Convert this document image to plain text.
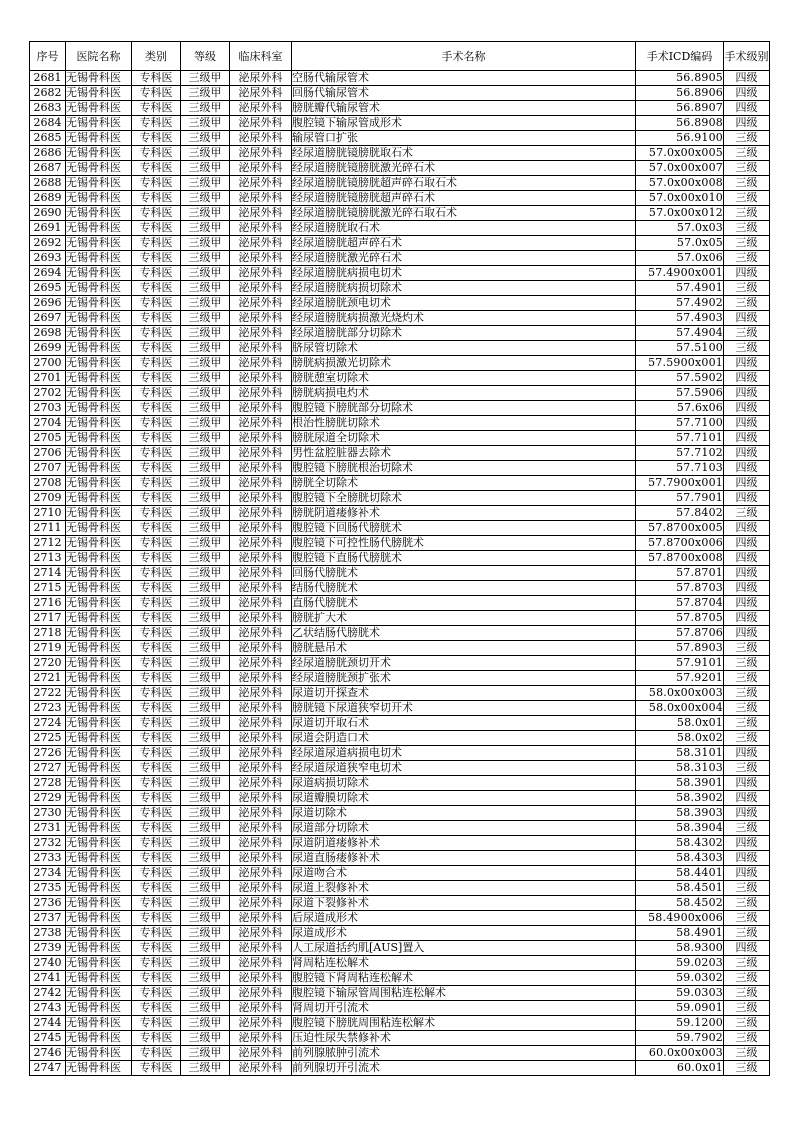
序号	医院名称	类别	等级	临床科室	手术名称	手术ICD编码	手术级别
2681	无锡骨科医	专科医	三级甲	泌尿外科	空肠代输尿管术	56.8905	四级
2682	无锡骨科医	专科医	三级甲	泌尿外科	回肠代输尿管术	56.8906	四级
2683	无锡骨科医	专科医	三级甲	泌尿外科	膀胱瓣代输尿管术	56.8907	四级
2684	无锡骨科医	专科医	三级甲	泌尿外科	腹腔镜下输尿管成形术	56.8908	四级
2685	无锡骨科医	专科医	三级甲	泌尿外科	输尿管口扩张	56.9100	三级
2686	无锡骨科医	专科医	三级甲	泌尿外科	经尿道膀胱镜膀胱取石术	57.0x00x005	三级
2687	无锡骨科医	专科医	三级甲	泌尿外科	经尿道膀胱镜膀胱激光碎石术	57.0x00x007	三级
2688	无锡骨科医	专科医	三级甲	泌尿外科	经尿道膀胱镜膀胱超声碎石取石术	57.0x00x008	三级
2689	无锡骨科医	专科医	三级甲	泌尿外科	经尿道膀胱镜膀胱超声碎石术	57.0x00x010	三级
2690	无锡骨科医	专科医	三级甲	泌尿外科	经尿道膀胱镜膀胱激光碎石取石术	57.0x00x012	三级
2691	无锡骨科医	专科医	三级甲	泌尿外科	经尿道膀胱取石术	57.0x03	三级
2692	无锡骨科医	专科医	三级甲	泌尿外科	经尿道膀胱超声碎石术	57.0x05	三级
2693	无锡骨科医	专科医	三级甲	泌尿外科	经尿道膀胱激光碎石术	57.0x06	三级
2694	无锡骨科医	专科医	三级甲	泌尿外科	经尿道膀胱病损电切术	57.4900x001	四级
2695	无锡骨科医	专科医	三级甲	泌尿外科	经尿道膀胱病损切除术	57.4901	三级
2696	无锡骨科医	专科医	三级甲	泌尿外科	经尿道膀胱颈电切术	57.4902	三级
2697	无锡骨科医	专科医	三级甲	泌尿外科	经尿道膀胱病损激光烧灼术	57.4903	四级
2698	无锡骨科医	专科医	三级甲	泌尿外科	经尿道膀胱部分切除术	57.4904	三级
2699	无锡骨科医	专科医	三级甲	泌尿外科	脐尿管切除术	57.5100	三级
2700	无锡骨科医	专科医	三级甲	泌尿外科	膀胱病损激光切除术	57.5900x001	四级
2701	无锡骨科医	专科医	三级甲	泌尿外科	膀胱憩室切除术	57.5902	四级
2702	无锡骨科医	专科医	三级甲	泌尿外科	膀胱病损电灼术	57.5906	四级
2703	无锡骨科医	专科医	三级甲	泌尿外科	腹腔镜下膀胱部分切除术	57.6x06	四级
2704	无锡骨科医	专科医	三级甲	泌尿外科	根治性膀胱切除术	57.7100	四级
2705	无锡骨科医	专科医	三级甲	泌尿外科	膀胱尿道全切除术	57.7101	四级
2706	无锡骨科医	专科医	三级甲	泌尿外科	男性盆腔脏器去除术	57.7102	四级
2707	无锡骨科医	专科医	三级甲	泌尿外科	腹腔镜下膀胱根治切除术	57.7103	四级
2708	无锡骨科医	专科医	三级甲	泌尿外科	膀胱全切除术	57.7900x001	四级
2709	无锡骨科医	专科医	三级甲	泌尿外科	腹腔镜下全膀胱切除术	57.7901	四级
2710	无锡骨科医	专科医	三级甲	泌尿外科	膀胱阴道瘘修补术	57.8402	三级
2711	无锡骨科医	专科医	三级甲	泌尿外科	腹腔镜下回肠代膀胱术	57.8700x005	四级
2712	无锡骨科医	专科医	三级甲	泌尿外科	腹腔镜下可控性肠代膀胱术	57.8700x006	四级
2713	无锡骨科医	专科医	三级甲	泌尿外科	腹腔镜下直肠代膀胱术	57.8700x008	四级
2714	无锡骨科医	专科医	三级甲	泌尿外科	回肠代膀胱术	57.8701	四级
2715	无锡骨科医	专科医	三级甲	泌尿外科	结肠代膀胱术	57.8703	四级
2716	无锡骨科医	专科医	三级甲	泌尿外科	直肠代膀胱术	57.8704	四级
2717	无锡骨科医	专科医	三级甲	泌尿外科	膀胱扩大术	57.8705	四级
2718	无锡骨科医	专科医	三级甲	泌尿外科	乙状结肠代膀胱术	57.8706	四级
2719	无锡骨科医	专科医	三级甲	泌尿外科	膀胱悬吊术	57.8903	三级
2720	无锡骨科医	专科医	三级甲	泌尿外科	经尿道膀胱颈切开术	57.9101	三级
2721	无锡骨科医	专科医	三级甲	泌尿外科	经尿道膀胱颈扩张术	57.9201	三级
2722	无锡骨科医	专科医	三级甲	泌尿外科	尿道切开探查术	58.0x00x003	三级
2723	无锡骨科医	专科医	三级甲	泌尿外科	膀胱镜下尿道狭窄切开术	58.0x00x004	三级
2724	无锡骨科医	专科医	三级甲	泌尿外科	尿道切开取石术	58.0x01	三级
2725	无锡骨科医	专科医	三级甲	泌尿外科	尿道会阴造口术	58.0x02	三级
2726	无锡骨科医	专科医	三级甲	泌尿外科	经尿道尿道病损电切术	58.3101	四级
2727	无锡骨科医	专科医	三级甲	泌尿外科	经尿道尿道狭窄电切术	58.3103	三级
2728	无锡骨科医	专科医	三级甲	泌尿外科	尿道病损切除术	58.3901	四级
2729	无锡骨科医	专科医	三级甲	泌尿外科	尿道瓣膜切除术	58.3902	四级
2730	无锡骨科医	专科医	三级甲	泌尿外科	尿道切除术	58.3903	四级
2731	无锡骨科医	专科医	三级甲	泌尿外科	尿道部分切除术	58.3904	三级
2732	无锡骨科医	专科医	三级甲	泌尿外科	尿道阴道瘘修补术	58.4302	四级
2733	无锡骨科医	专科医	三级甲	泌尿外科	尿道直肠瘘修补术	58.4303	四级
2734	无锡骨科医	专科医	三级甲	泌尿外科	尿道吻合术	58.4401	四级
2735	无锡骨科医	专科医	三级甲	泌尿外科	尿道上裂修补术	58.4501	三级
2736	无锡骨科医	专科医	三级甲	泌尿外科	尿道下裂修补术	58.4502	三级
2737	无锡骨科医	专科医	三级甲	泌尿外科	后尿道成形术	58.4900x006	三级
2738	无锡骨科医	专科医	三级甲	泌尿外科	尿道成形术	58.4901	三级
2739	无锡骨科医	专科医	三级甲	泌尿外科	人工尿道括约肌[AUS]置入	58.9300	四级
2740	无锡骨科医	专科医	三级甲	泌尿外科	肾周粘连松解术	59.0203	三级
2741	无锡骨科医	专科医	三级甲	泌尿外科	腹腔镜下肾周粘连松解术	59.0302	三级
2742	无锡骨科医	专科医	三级甲	泌尿外科	腹腔镜下输尿管周围粘连松解术	59.0303	三级
2743	无锡骨科医	专科医	三级甲	泌尿外科	肾周切开引流术	59.0901	三级
2744	无锡骨科医	专科医	三级甲	泌尿外科	腹腔镜下膀胱周围粘连松解术	59.1200	三级
2745	无锡骨科医	专科医	三级甲	泌尿外科	压迫性尿失禁修补术	59.7902	三级
2746	无锡骨科医	专科医	三级甲	泌尿外科	前列腺脓肿引流术	60.0x00x003	三级
2747	无锡骨科医	专科医	三级甲	泌尿外科	前列腺切开引流术	60.0x01	三级
